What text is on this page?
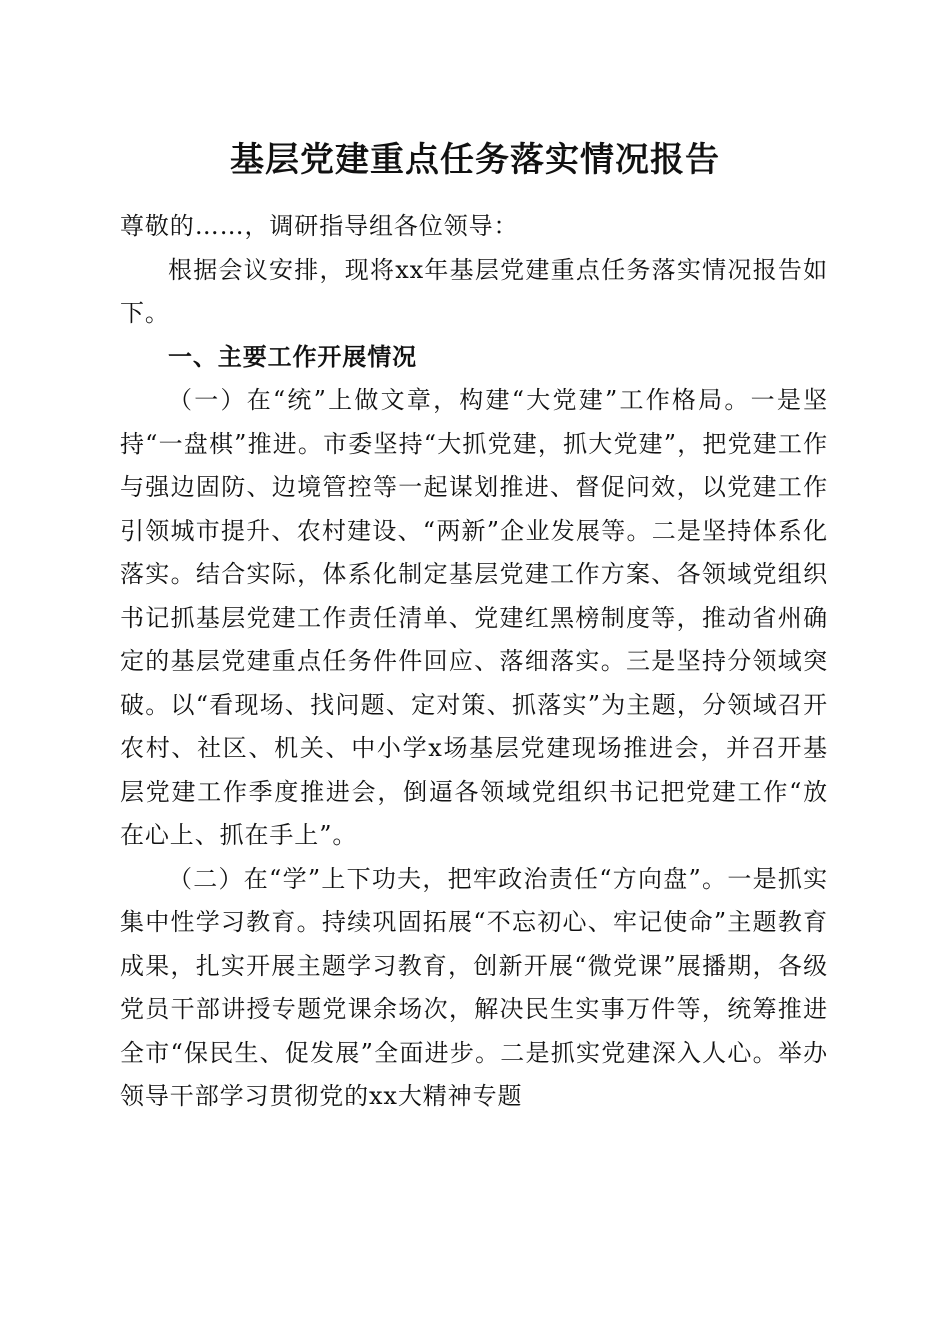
基层党建重点任务落实情况报告

尊敬的……，调研指导组各位领导：

根据会议安排，现将xx年基层党建重点任务落实情况报告如下。

一、主要工作开展情况

（一）在“统”上做文章，构建“大党建”工作格局。一是坚持“一盘棋”推进。市委坚持“大抓党建，抓大党建”，把党建工作与强边固防、边境管控等一起谋划推进、督促问效，以党建工作引领城市提升、农村建设、“两新”企业发展等。二是坚持体系化落实。结合实际，体系化制定基层党建工作方案、各领域党组织书记抓基层党建工作责任清单、党建红黑榜制度等，推动省州确定的基层党建重点任务件件回应、落细落实。三是坚持分领域突破。以“看现场、找问题、定对策、抓落实”为主题，分领域召开农村、社区、机关、中小学x场基层党建现场推进会，并召开基层党建工作季度推进会，倒逼各领域党组织书记把党建工作“放在心上、抓在手上”。

（二）在“学”上下功夫，把牢政治责任“方向盘”。一是抓实集中性学习教育。持续巩固拓展“不忘初心、牢记使命”主题教育成果，扎实开展主题学习教育，创新开展“微党课”展播期，各级党员干部讲授专题党课余场次，解决民生实事万件等，统筹推进全市“保民生、促发展”全面进步。二是抓实党建深入人心。举办领导干部学习贯彻党的xx大精神专题
